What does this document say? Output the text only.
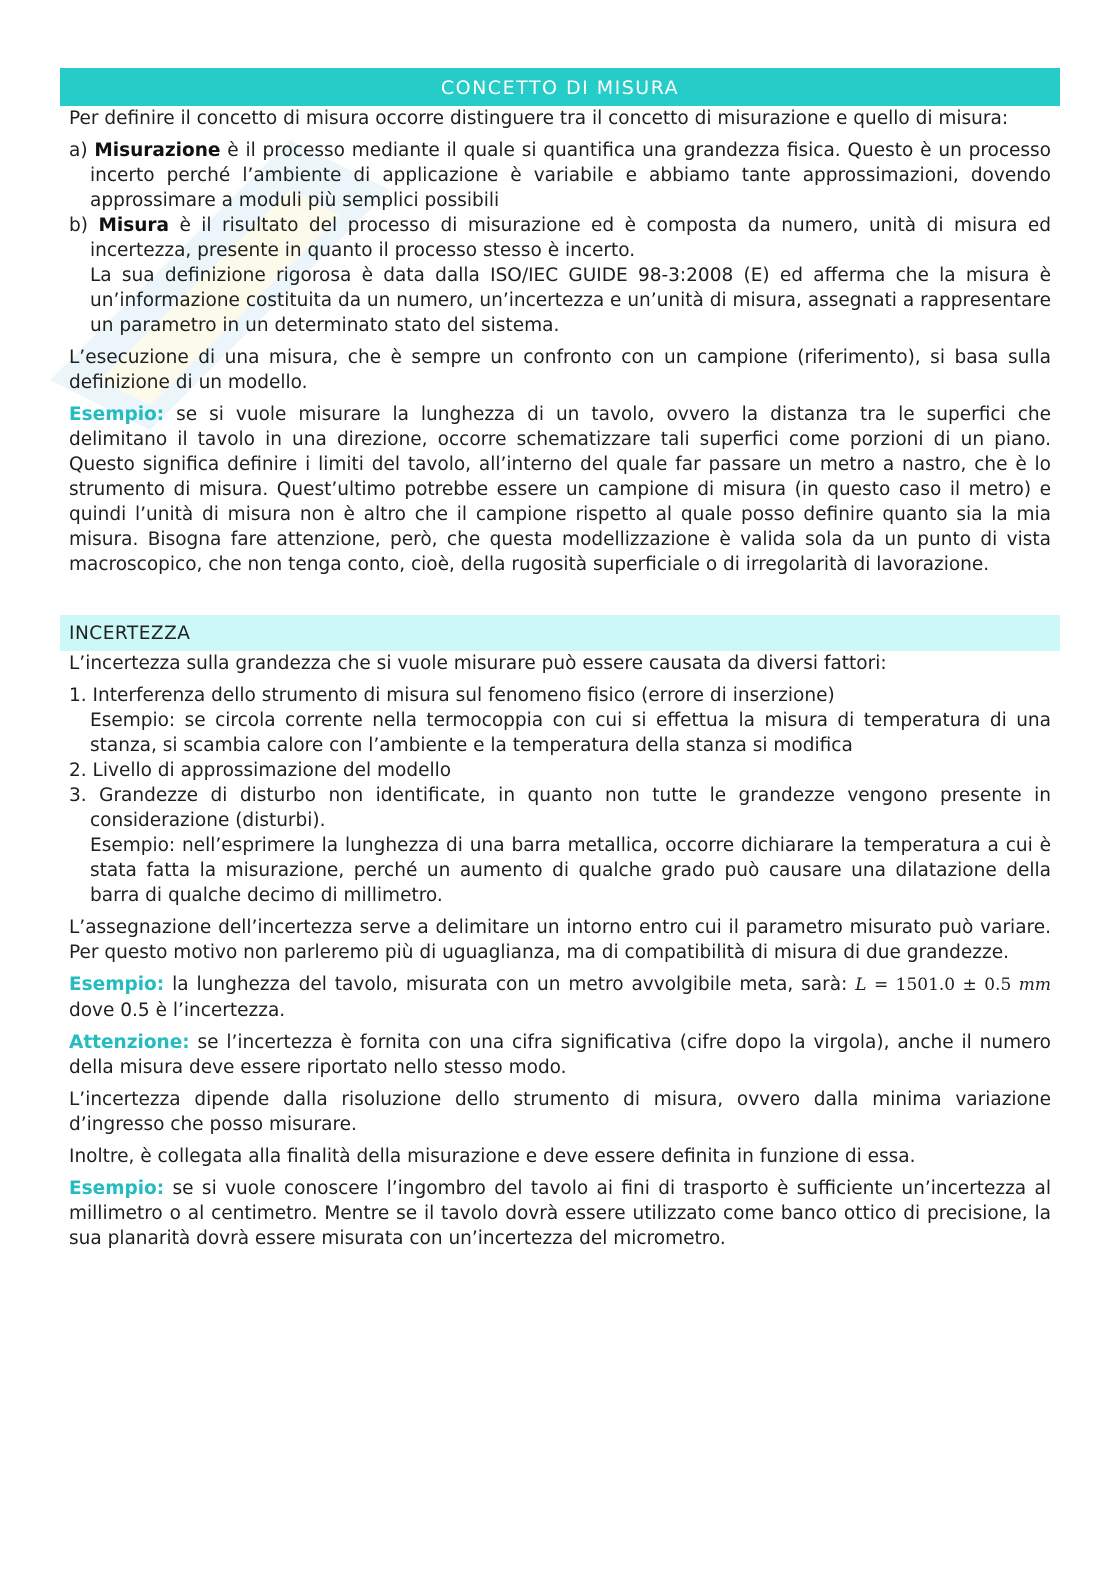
CONCETTO DI MISURA

Per definire il concetto di misura occorre distinguere tra il concetto di misurazione e quello di misura:

a) Misurazione è il processo mediante il quale si quantifica una grandezza fisica. Questo è un processo incerto perché l’ambiente di applicazione è variabile e abbiamo tante approssimazioni, dovendo approssimare a moduli più semplici possibili

b) Misura è il risultato del processo di misurazione ed è composta da numero, unità di misura ed incertezza, presente in quanto il processo stesso è incerto.

La sua definizione rigorosa è data dalla ISO/IEC GUIDE 98-3:2008 (E) ed afferma che la misura è un’informazione costituita da un numero, un’incertezza e un’unità di misura, assegnati a rappresentare un parametro in un determinato stato del sistema.

L’esecuzione di una misura, che è sempre un confronto con un campione (riferimento), si basa sulla definizione di un modello.

Esempio: se si vuole misurare la lunghezza di un tavolo, ovvero la distanza tra le superfici che delimitano il tavolo in una direzione, occorre schematizzare tali superfici come porzioni di un piano. Questo significa definire i limiti del tavolo, all’interno del quale far passare un metro a nastro, che è lo strumento di misura. Quest’ultimo potrebbe essere un campione di misura (in questo caso il metro) e quindi l’unità di misura non è altro che il campione rispetto al quale posso definire quanto sia la mia misura. Bisogna fare attenzione, però, che questa modellizzazione è valida sola da un punto di vista macroscopico, che non tenga conto, cioè, della rugosità superficiale o di irregolarità di lavorazione.

INCERTEZZA

L’incertezza sulla grandezza che si vuole misurare può essere causata da diversi fattori:

1. Interferenza dello strumento di misura sul fenomeno fisico (errore di inserzione)

Esempio: se circola corrente nella termocoppia con cui si effettua la misura di temperatura di una stanza, si scambia calore con l’ambiente e la temperatura della stanza si modifica

2. Livello di approssimazione del modello

3. Grandezze di disturbo non identificate, in quanto non tutte le grandezze vengono presente in considerazione (disturbi).

Esempio: nell’esprimere la lunghezza di una barra metallica, occorre dichiarare la temperatura a cui è stata fatta la misurazione, perché un aumento di qualche grado può causare una dilatazione della barra di qualche decimo di millimetro.

L’assegnazione dell’incertezza serve a delimitare un intorno entro cui il parametro misurato può variare. Per questo motivo non parleremo più di uguaglianza, ma di compatibilità di misura di due grandezze.

Esempio: la lunghezza del tavolo, misurata con un metro avvolgibile meta, sarà: L = 1501.0 ± 0.5 mm dove 0.5 è l’incertezza.

Attenzione: se l’incertezza è fornita con una cifra significativa (cifre dopo la virgola), anche il numero della misura deve essere riportato nello stesso modo.

L’incertezza dipende dalla risoluzione dello strumento di misura, ovvero dalla minima variazione d’ingresso che posso misurare.

Inoltre, è collegata alla finalità della misurazione e deve essere definita in funzione di essa.

Esempio: se si vuole conoscere l’ingombro del tavolo ai fini di trasporto è sufficiente un’incertezza al millimetro o al centimetro. Mentre se il tavolo dovrà essere utilizzato come banco ottico di precisione, la sua planarità dovrà essere misurata con un’incertezza del micrometro.
